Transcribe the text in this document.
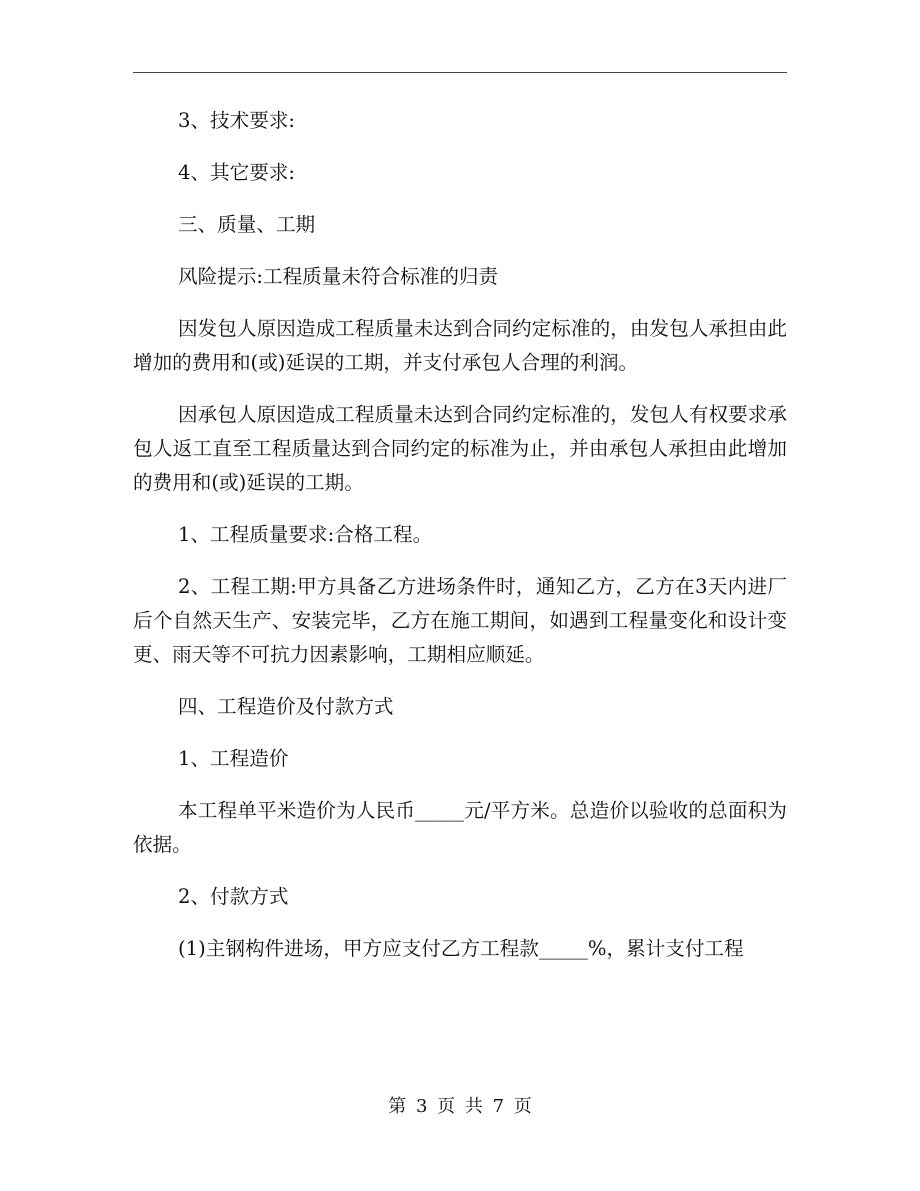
3、技术要求:

4、其它要求:

三、质量、工期

风险提示:工程质量未符合标准的归责

因发包人原因造成工程质量未达到合同约定标准的，由发包人承担由此增加的费用和(或)延误的工期，并支付承包人合理的利润。

因承包人原因造成工程质量未达到合同约定标准的，发包人有权要求承包人返工直至工程质量达到合同约定的标准为止，并由承包人承担由此增加的费用和(或)延误的工期。

1、工程质量要求:合格工程。

2、工程工期:甲方具备乙方进场条件时，通知乙方，乙方在3天内进厂后个自然天生产、安装完毕，乙方在施工期间，如遇到工程量变化和设计变更、雨天等不可抗力因素影响，工期相应顺延。

四、工程造价及付款方式

1、工程造价

本工程单平米造价为人民币_____元/平方米。总造价以验收的总面积为依据。

2、付款方式

(1)主钢构件进场，甲方应支付乙方工程款_____%，累计支付工程

第 3 页 共 7 页
